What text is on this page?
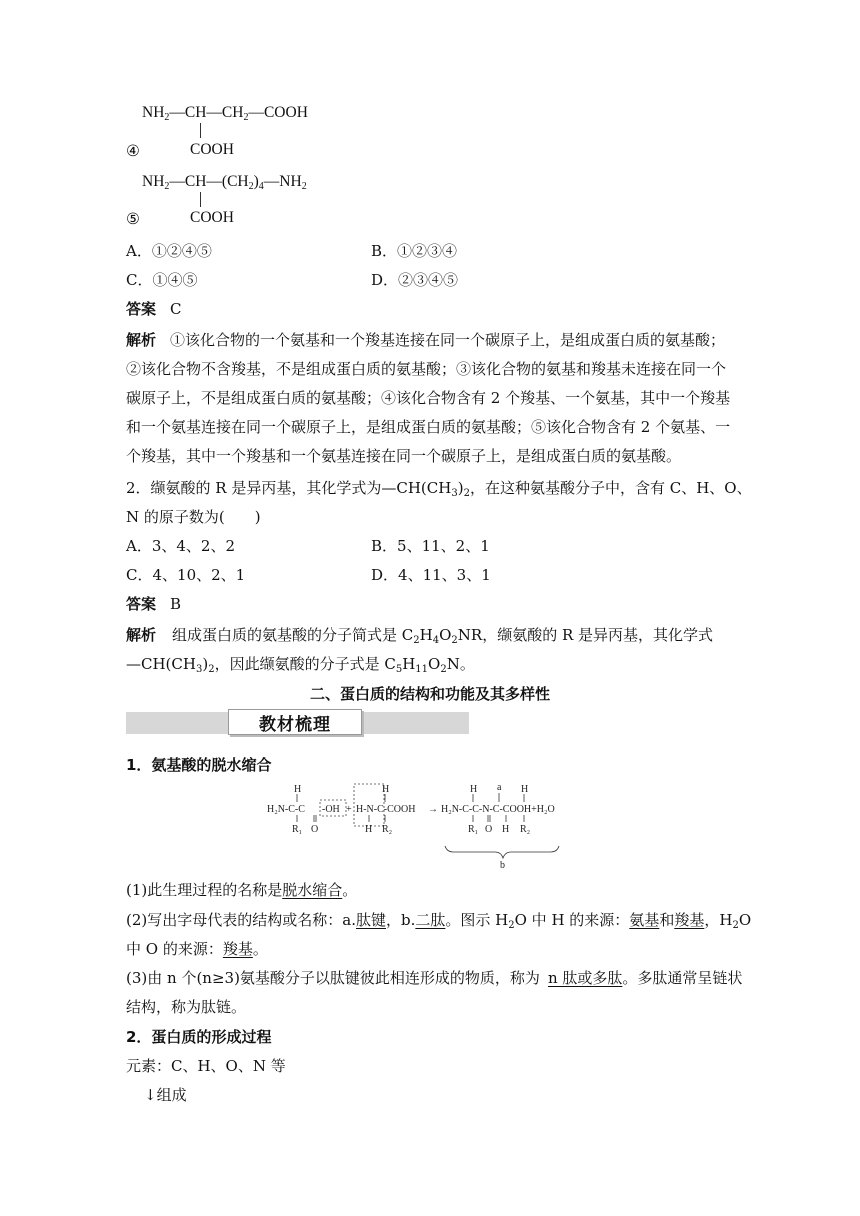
$NH_2—CH—CH_2—COOH$
④	COOH
$NH_2—CH—(CH_2)_4—NH_2$
⑤	COOH
A．①②④⑤	B．①②③④
C．①④⑤	D．②③④⑤
答案 C
解析 ①该化合物的一个氨基和一个羧基连接在同一个碳原子上，是组成蛋白质的氨基酸；
②该化合物不含羧基，不是组成蛋白质的氨基酸；③该化合物的氨基和羧基未连接在同一个
碳原子上，不是组成蛋白质的氨基酸；④该化合物含有 2 个羧基、一个氨基，其中一个羧基
和一个氨基连接在同一个碳原子上，是组成蛋白质的氨基酸；⑤该化合物含有 2 个氨基、一
个羧基，其中一个羧基和一个氨基连接在同一个碳原子上，是组成蛋白质的氨基酸。
2．缬氨酸的 R 是异丙基，其化学式为$—CH(CH_3)_2$，在这种氨基酸分子中，含有 C、H、O、
N 的原子数为(　　)
A．3、4、2、2	B．5、11、2、1
C．4、10、2、1	D．4、11、3、1
答案 B
解析 组成蛋白质的氨基酸的分子简式是 $C_2H_4O_2NR$，缬氨酸的 R 是异丙基，其化学式
$—CH(CH_3)_2$，因此缬氨酸的分子式是 $C_5H_{11}O_2N$。
二、蛋白质的结构和功能及其多样性
教材梳理
1．氨基酸的脱水缩合
H
H₂N-C-C -OH + H-N-C-COOH
R₁ O
H
H R₂
→ H₂N-C-C-N-C-COOH+H₂O
H a H
R₁ O H R₂
b
(1)此生理过程的名称是脱水缩合。
(2)写出字母代表的结构或名称：a.肽键，b.二肽。图示 $H_2O$ 中 H 的来源：氨基和羧基，$H_2O$
中 O 的来源：羧基。
(3)由 n 个(n≥3)氨基酸分子以肽键彼此相连形成的物质，称为 n 肽或多肽。多肽通常呈链状
结构，称为肽链。
2．蛋白质的形成过程
元素：C、H、O、N 等
↓组成
